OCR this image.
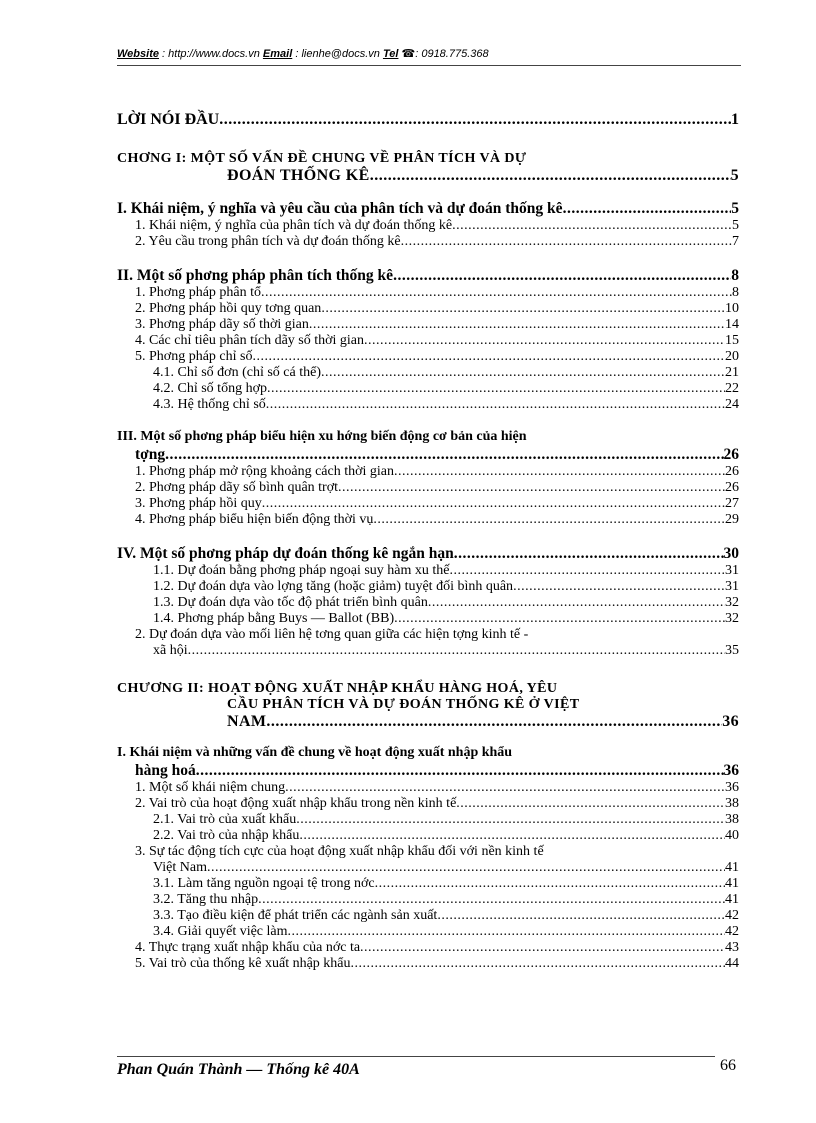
Website : http://www.docs.vn Email : lienhe@docs.vn Tel ☎: 0918.775.368
LỜI NÓI ĐẦU .....	1
CHƠNG I: MỘT SỐ VẤN ĐỀ CHUNG VỀ PHÂN TÍCH VÀ DỰ
ĐOÁN THỐNG KÊ .....	5
I. Khái niệm, ý nghĩa và yêu cầu của phân tích và dự đoán thống kê .....	5
1. Khái niệm, ý nghĩa của phân tích và dự đoán thống kê .....	5
2. Yêu cầu trong phân tích và dự đoán thống kê .....	7
II. Một số phơng pháp phân tích thống kê .....	8
1. Phơng pháp phân tổ .....	8
2. Phơng pháp hồi quy tơng quan .....	10
3. Phơng pháp dãy số thời gian .....	14
4. Các chỉ tiêu phân tích dãy số thời gian .....	15
5. Phơng pháp chỉ số .....	20
4.1. Chỉ số đơn (chỉ số cá thể) .....	21
4.2. Chỉ số tổng hợp .....	22
4.3. Hệ thống chỉ số .....	24
III. Một số phơng pháp biểu hiện xu hớng biến động cơ bản của hiện
tợng .....	26
1. Phơng pháp mở rộng khoảng cách thời gian .....	26
2. Phơng pháp dãy số bình quân trợt .....	26
3. Phơng pháp hồi quy .....	27
4. Phơng pháp biểu hiện biến động thời vụ .....	29
IV. Một số phơng pháp dự đoán thống kê ngắn hạn .....	30
1.1. Dự đoán bằng phơng pháp ngoại suy hàm xu thế .....	31
1.2. Dự đoán dựa vào lợng tăng (hoặc giảm) tuyệt đối bình quân .....	31
1.3. Dự đoán dựa vào tốc độ phát triển bình quân .....	32
1.4. Phơng pháp bằng Buys — Ballot (BB) .....	32
2. Dự đoán dựa vào mối liên hệ tơng quan giữa các hiện tợng kinh tế -
xã hội .....	35
CHƯƠNG II: HOẠT ĐỘNG XUẤT NHẬP KHẨU HÀNG HOÁ, YÊU
CẦU PHÂN TÍCH VÀ DỰ ĐOÁN THỐNG KÊ Ở VIỆT
NAM .....	36
I. Khái niệm và những vấn đề chung về hoạt động xuất nhập khẩu
hàng hoá .....	36
1. Một số khái niệm chung .....	36
2. Vai trò của hoạt động xuất nhập khẩu trong nền kinh tế .....	38
2.1. Vai trò của xuất khẩu .....	38
2.2. Vai trò của nhập khẩu .....	40
3. Sự tác động tích cực của hoạt động xuất nhập khẩu đối với nền kinh tế
Việt Nam .....	41
3.1. Làm tăng nguồn ngoại tệ trong nớc .....	41
3.2. Tăng thu nhập .....	41
3.3. Tạo điều kiện để phát triển các ngành sản xuất .....	42
3.4. Giải quyết việc làm .....	42
4. Thực trạng xuất nhập khẩu của nớc ta .....	43
5. Vai trò của thống kê xuất nhập khẩu .....	44
Phan Quán Thành — Thống kê 40A	66
